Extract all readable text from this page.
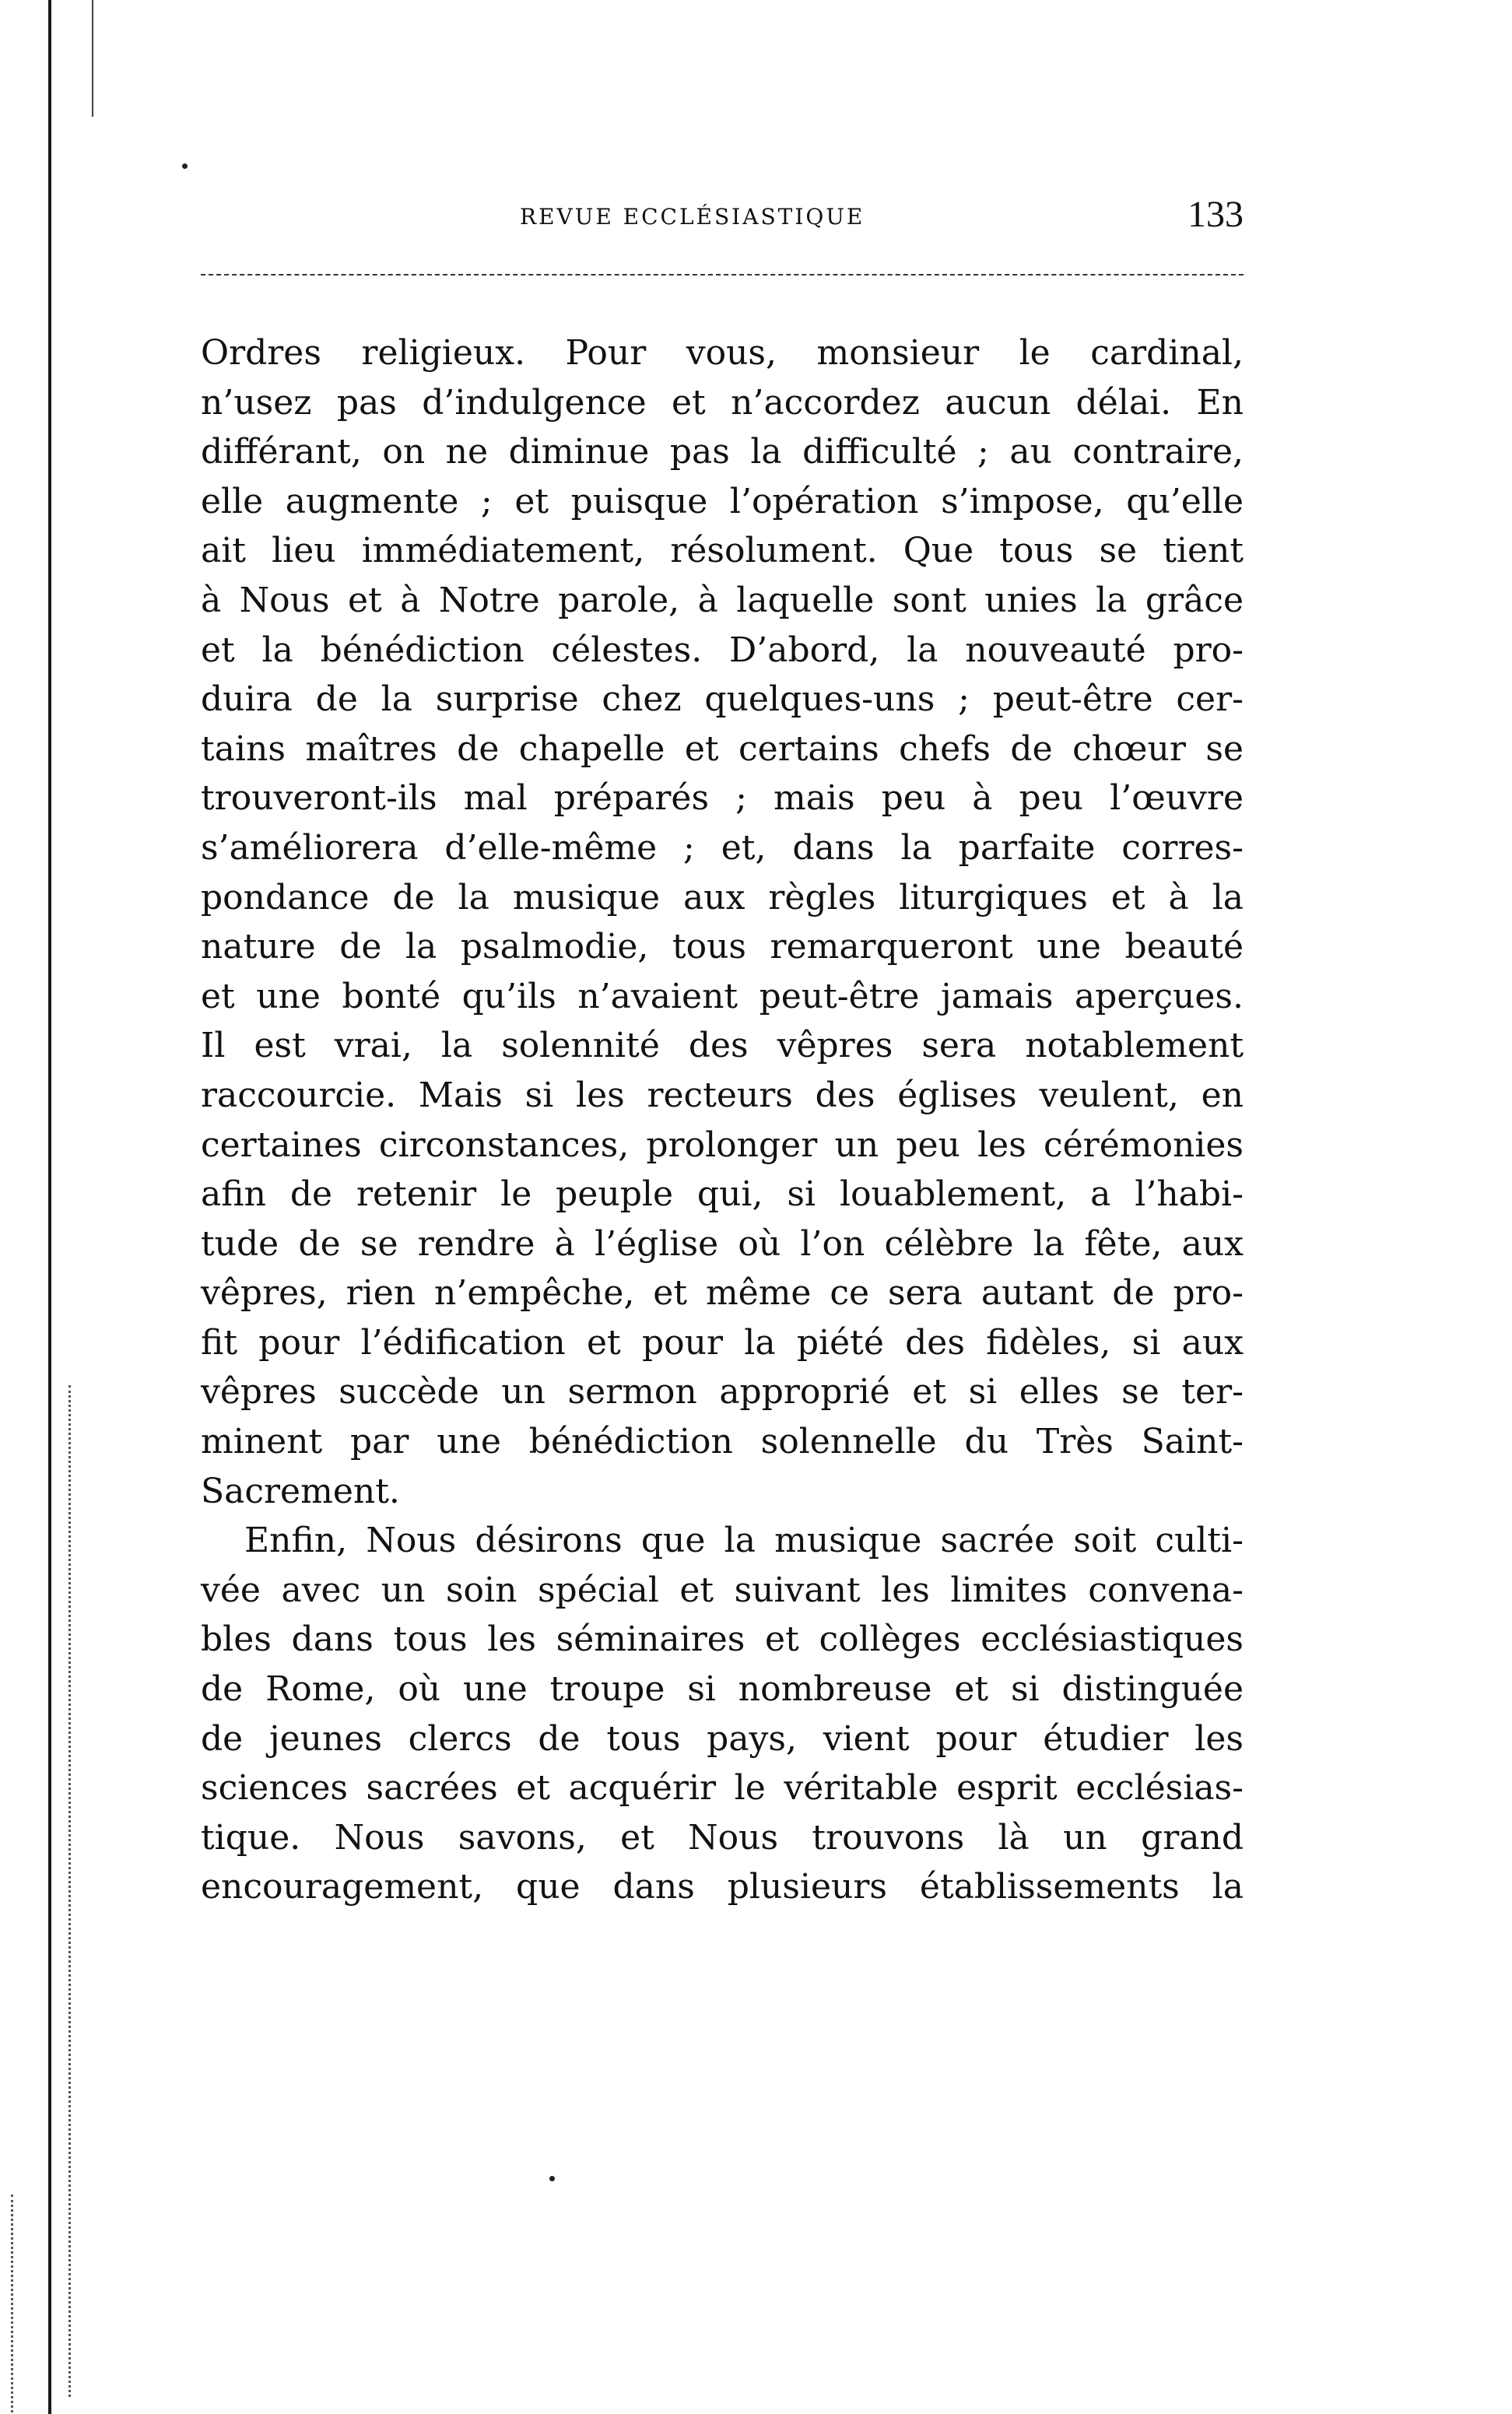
REVUE ECCLÉSIASTIQUE	133
Ordres religieux. Pour vous, monsieur le cardinal,
n’usez pas d’indulgence et n’accordez aucun délai. En
différant, on ne diminue pas la difficulté ; au contraire,
elle augmente ; et puisque l’opération s’impose, qu’elle
ait lieu immédiatement, résolument. Que tous se tient
à Nous et à Notre parole, à laquelle sont unies la grâce
et la bénédiction célestes. D’abord, la nouveauté pro-
duira de la surprise chez quelques-uns ; peut-être cer-
tains maîtres de chapelle et certains chefs de chœur se
trouveront-ils mal préparés ; mais peu à peu l’œuvre
s’améliorera d’elle-même ; et, dans la parfaite corres-
pondance de la musique aux règles liturgiques et à la
nature de la psalmodie, tous remarqueront une beauté
et une bonté qu’ils n’avaient peut-être jamais aperçues.
Il est vrai, la solennité des vêpres sera notablement
raccourcie. Mais si les recteurs des églises veulent, en
certaines circonstances, prolonger un peu les cérémonies
afin de retenir le peuple qui, si louablement, a l’habi-
tude de se rendre à l’église où l’on célèbre la fête, aux
vêpres, rien n’empêche, et même ce sera autant de pro-
fit pour l’édification et pour la piété des fidèles, si aux
vêpres succède un sermon approprié et si elles se ter-
minent par une bénédiction solennelle du Très Saint-
Sacrement.
Enfin, Nous désirons que la musique sacrée soit culti-
vée avec un soin spécial et suivant les limites convena-
bles dans tous les séminaires et collèges ecclésiastiques
de Rome, où une troupe si nombreuse et si distinguée
de jeunes clercs de tous pays, vient pour étudier les
sciences sacrées et acquérir le véritable esprit ecclésias-
tique. Nous savons, et Nous trouvons là un grand
encouragement, que dans plusieurs établissements la
